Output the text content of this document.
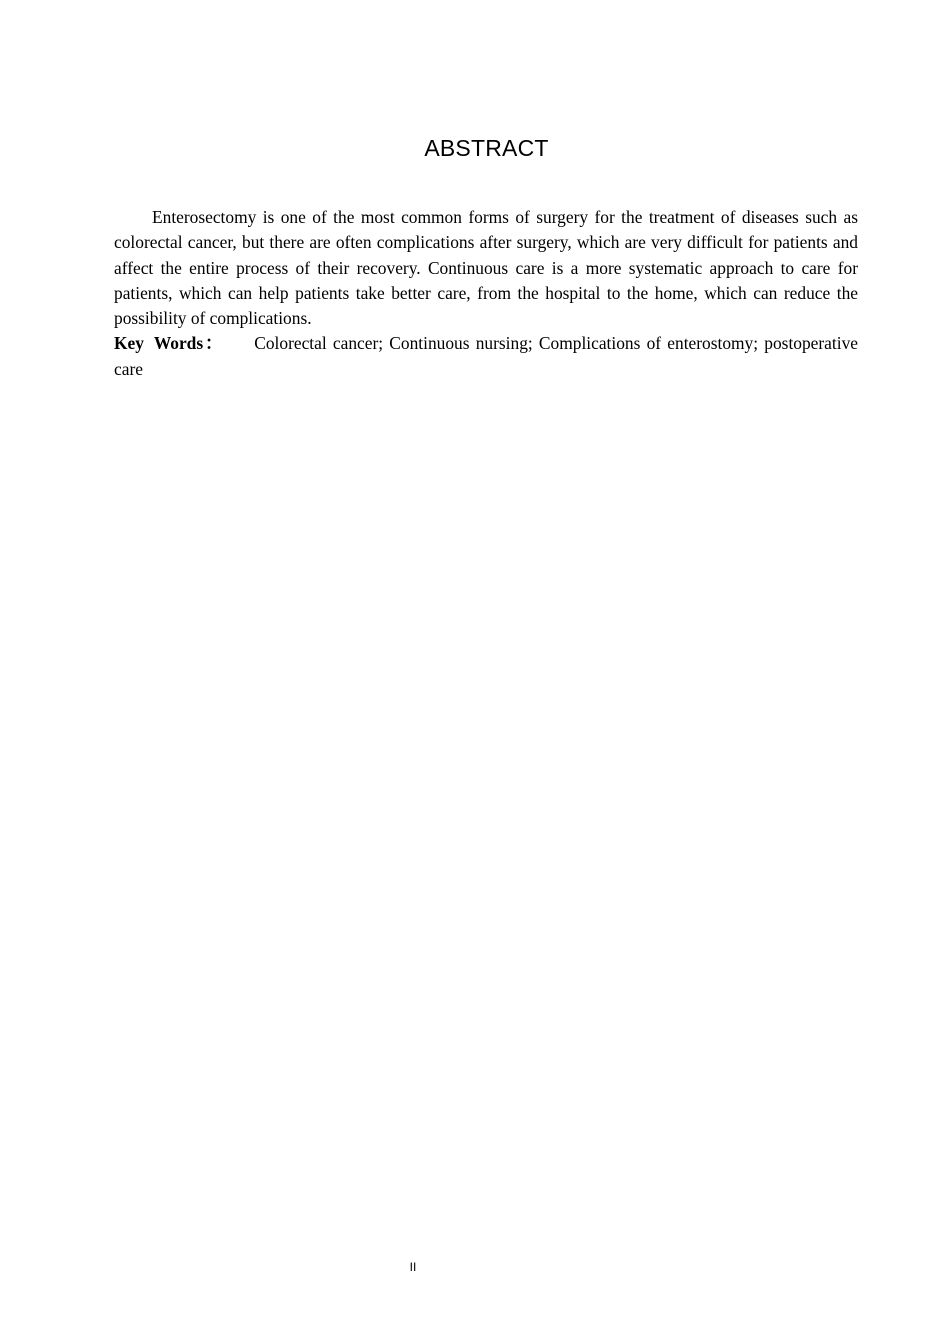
ABSTRACT

Enterosectomy is one of the most common forms of surgery for the treatment of diseases such as colorectal cancer, but there are often complications after surgery, which are very difficult for patients and affect the entire process of their recovery. Continuous care is a more systematic approach to care for patients, which can help patients take better care, from the hospital to the home, which can reduce the possibility of complications.

Key Words： Colorectal cancer; Continuous nursing; Complications of enterostomy; postoperative care

II
